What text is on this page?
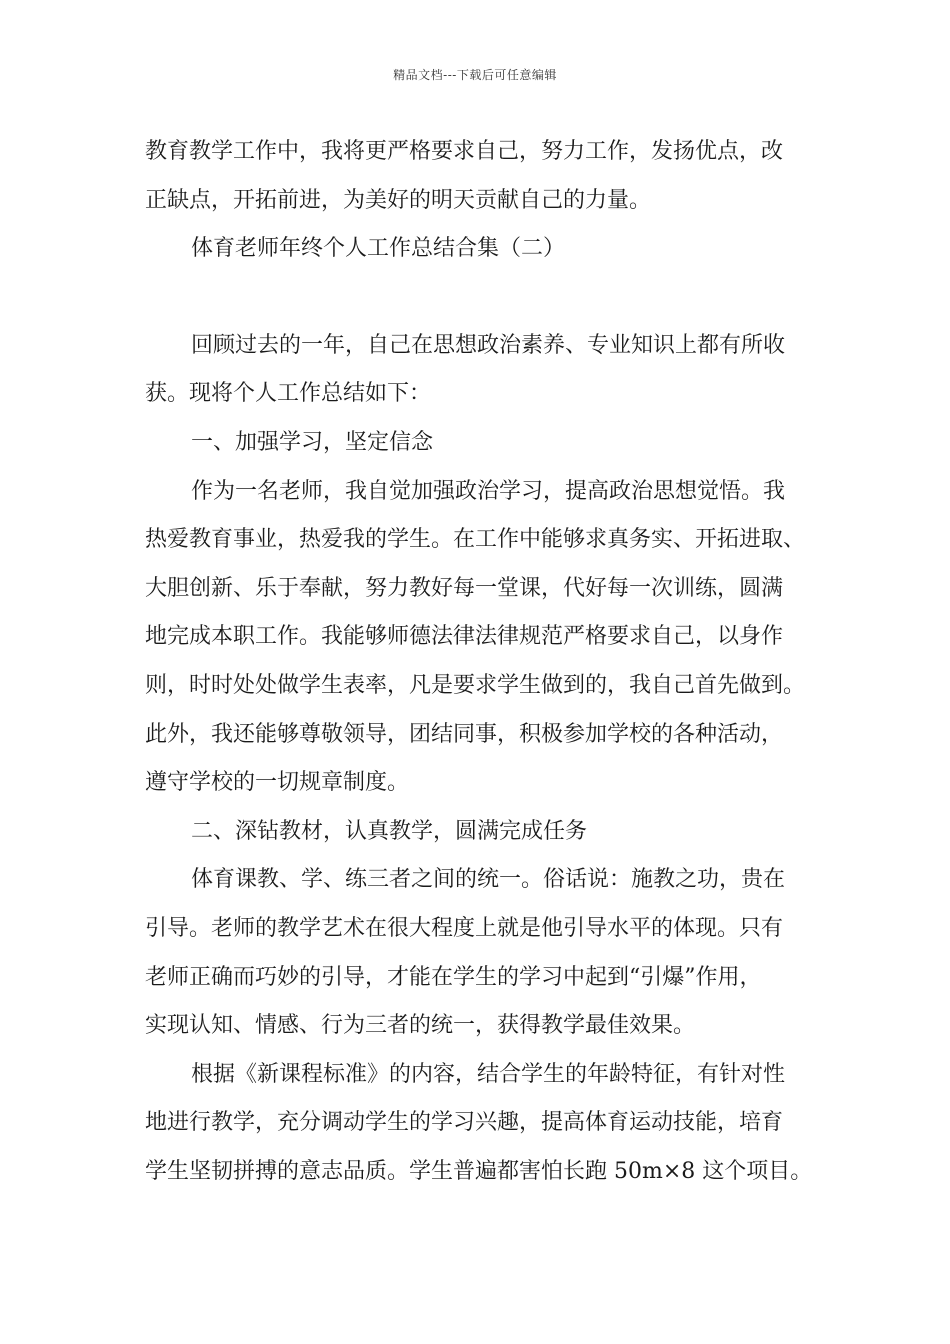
精品文档---下载后可任意编辑
教育教学工作中，我将更严格要求自己，努力工作，发扬优点，改
正缺点，开拓前进，为美好的明天贡献自己的力量。
体育老师年终个人工作总结合集（二）
回顾过去的一年，自己在思想政治素养、专业知识上都有所收
获。现将个人工作总结如下：
一、加强学习，坚定信念
作为一名老师，我自觉加强政治学习，提高政治思想觉悟。我
热爱教育事业，热爱我的学生。在工作中能够求真务实、开拓进取、
大胆创新、乐于奉献，努力教好每一堂课，代好每一次训练，圆满
地完成本职工作。我能够师德法律法律规范严格要求自己，以身作
则，时时处处做学生表率，凡是要求学生做到的，我自己首先做到。
此外，我还能够尊敬领导，团结同事，积极参加学校的各种活动，
遵守学校的一切规章制度。
二、深钻教材，认真教学，圆满完成任务
体育课教、学、练三者之间的统一。俗话说：施教之功，贵在
引导。老师的教学艺术在很大程度上就是他引导水平的体现。只有
老师正确而巧妙的引导，才能在学生的学习中起到“引爆”作用，
实现认知、情感、行为三者的统一，获得教学最佳效果。
根据《新课程标准》的内容，结合学生的年龄特征，有针对性
地进行教学，充分调动学生的学习兴趣，提高体育运动技能，培育
学生坚韧拼搏的意志品质。学生普遍都害怕长跑 50m×8 这个项目。
